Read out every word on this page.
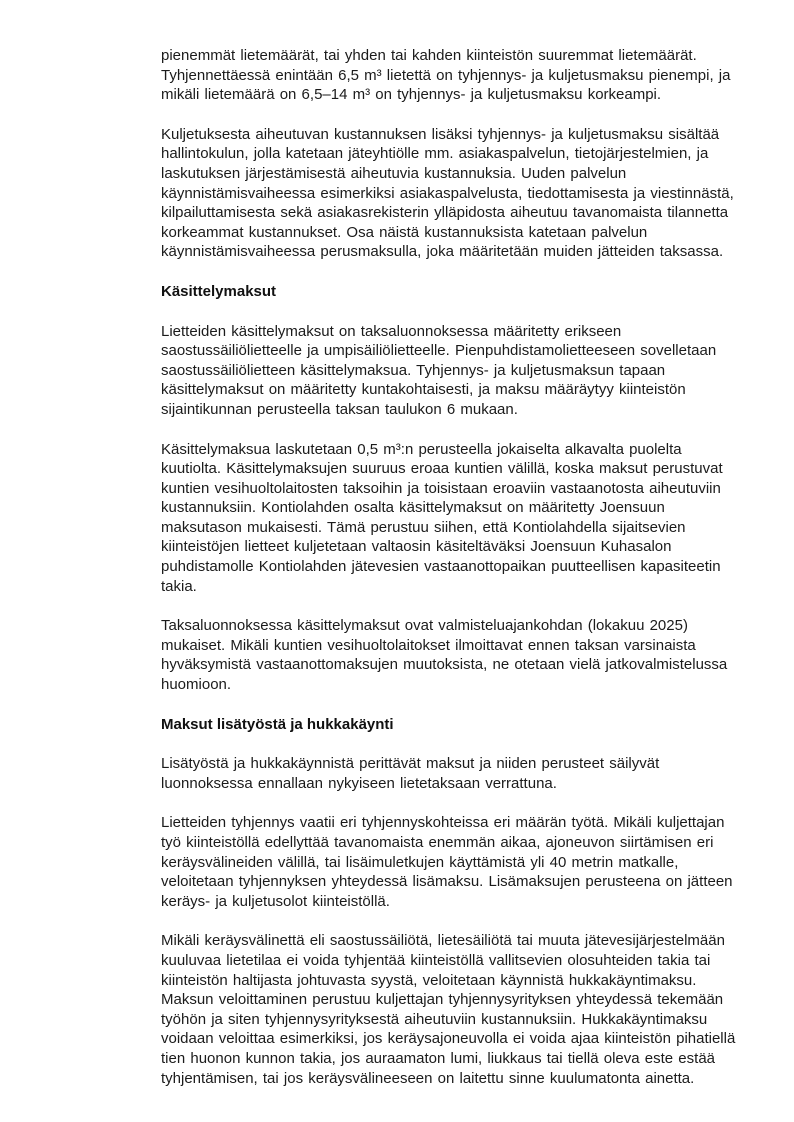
pienemmät lietemäärät, tai yhden tai kahden kiinteistön suuremmat lietemäärät. Tyhjennettäessä enintään 6,5 m³ lietettä on tyhjennys- ja kuljetusmaksu pienempi, ja mikäli lietemäärä on 6,5–14 m³ on tyhjennys- ja kuljetusmaksu korkeampi.

Kuljetuksesta aiheutuvan kustannuksen lisäksi tyhjennys- ja kuljetusmaksu sisältää hallintokulun, jolla katetaan jäteyhtiölle mm. asiakaspalvelun, tietojärjestelmien, ja laskutuksen järjestämisestä aiheutuvia kustannuksia. Uuden palvelun käynnistämisvaiheessa esimerkiksi asiakaspalvelusta, tiedottamisesta ja viestinnästä, kilpailuttamisesta sekä asiakasrekisterin ylläpidosta aiheutuu tavanomaista tilannetta korkeammat kustannukset. Osa näistä kustannuksista katetaan palvelun käynnistämisvaiheessa perusmaksulla, joka määritetään muiden jätteiden taksassa.

Käsittelymaksut

Lietteiden käsittelymaksut on taksaluonnoksessa määritetty erikseen saostussäiliölietteelle ja umpisäiliölietteelle. Pienpuhdistamolietteeseen sovelletaan saostussäiliölietteen käsittelymaksua. Tyhjennys- ja kuljetusmaksun tapaan käsittelymaksut on määritetty kuntakohtaisesti, ja maksu määräytyy kiinteistön sijaintikunnan perusteella taksan taulukon 6 mukaan.

Käsittelymaksua laskutetaan 0,5 m³:n perusteella jokaiselta alkavalta puolelta kuutiolta. Käsittelymaksujen suuruus eroaa kuntien välillä, koska maksut perustuvat kuntien vesihuoltolaitosten taksoihin ja toisistaan eroaviin vastaanotosta aiheutuviin kustannuksiin. Kontiolahden osalta käsittelymaksut on määritetty Joensuun maksutason mukaisesti. Tämä perustuu siihen, että Kontiolahdella sijaitsevien kiinteistöjen lietteet kuljetetaan valtaosin käsiteltäväksi Joensuun Kuhasalon puhdistamolle Kontiolahden jätevesien vastaanottopaikan puutteellisen kapasiteetin takia.

Taksaluonnoksessa käsittelymaksut ovat valmisteluajankohdan (lokakuu 2025) mukaiset. Mikäli kuntien vesihuoltolaitokset ilmoittavat ennen taksan varsinaista hyväksymistä vastaanottomaksujen muutoksista, ne otetaan vielä jatkovalmistelussa huomioon.

Maksut lisätyöstä ja hukkakäynti

Lisätyöstä ja hukkakäynnistä perittävät maksut ja niiden perusteet säilyvät luonnoksessa ennallaan nykyiseen lietetaksaan verrattuna.

Lietteiden tyhjennys vaatii eri tyhjennyskohteissa eri määrän työtä. Mikäli kuljettajan työ kiinteistöllä edellyttää tavanomaista enemmän aikaa, ajoneuvon siirtämisen eri keräysvälineiden välillä, tai lisäimuletkujen käyttämistä yli 40 metrin matkalle, veloitetaan tyhjennyksen yhteydessä lisämaksu. Lisämaksujen perusteena on jätteen keräys- ja kuljetusolot kiinteistöllä.

Mikäli keräysvälinettä eli saostussäiliötä, lietesäiliötä tai muuta jätevesijärjestelmään kuuluvaa lietetilaa ei voida tyhjentää kiinteistöllä vallitsevien olosuhteiden takia tai kiinteistön haltijasta johtuvasta syystä, veloitetaan käynnistä hukkakäyntimaksu. Maksun veloittaminen perustuu kuljettajan tyhjennysyrityksen yhteydessä tekemään työhön ja siten tyhjennysyrityksestä aiheutuviin kustannuksiin. Hukkakäyntimaksu voidaan veloittaa esimerkiksi, jos keräysajoneuvolla ei voida ajaa kiinteistön pihatiellä tien huonon kunnon takia, jos auraamaton lumi, liukkaus tai tiellä oleva este estää tyhjentämisen, tai jos keräysvälineeseen on laitettu sinne kuulumatonta ainetta.
